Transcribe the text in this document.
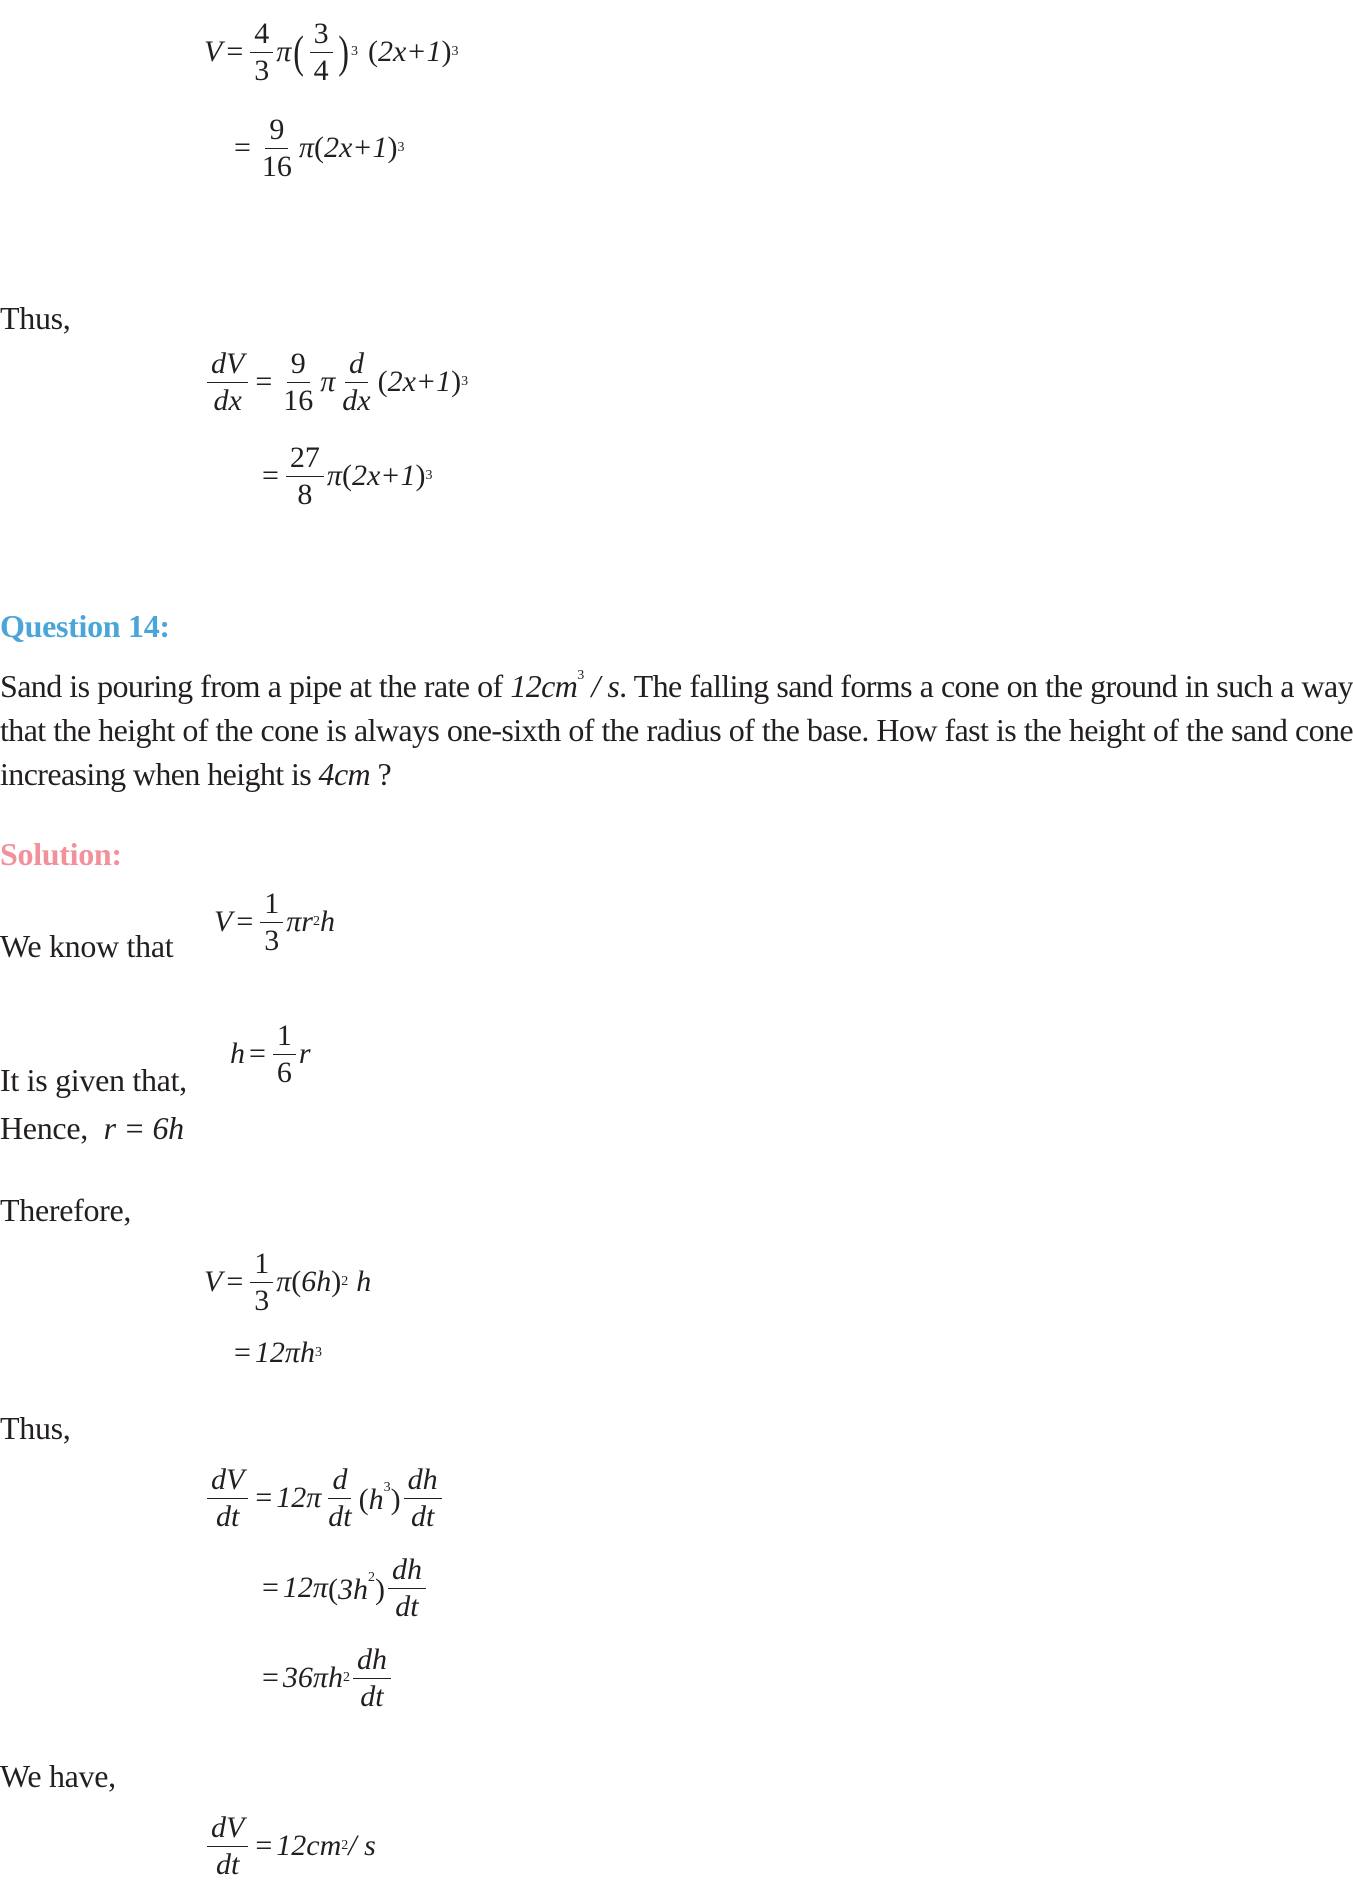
$V = \frac{4}{3}$ π ( $\frac{3}{4}$ ) 3 (2x+1) 3
= $\frac{9}{16}$ π (2x+1) 3
Thus,
$\frac{dV}{dx} = \frac{9}{16}$ π $\frac{d}{dx} (2x+1)$ 3
= $\frac{27}{8}$ π (2x+1) 3
Question 14:
Sand is pouring from a pipe at the rate of $12cm^3$ / s. The falling sand forms a cone on the ground in such a way that the height of the cone is always one-sixth of the radius of the base. How fast is the height of the sand cone increasing when height is 4cm ?
Solution:
We know that
$V = \frac{1}{3}$ πr 2 h
It is given that,
$h = \frac{1}{6}$ r
Hence, r = 6h
Therefore,
$V = \frac{1}{3}$ π (6h) 2 h
= 12πh 3
Thus,
$\frac{dV}{dt} = 12\pi \frac{d}{dt} (h^3) \frac{dh}{dt}$
= 12π $(3h^2) \frac{dh}{dt}$
= 36πh $2 \frac{dh}{dt}$
We have,
$\frac{dV}{dt} = 12cm$ 2 / s
